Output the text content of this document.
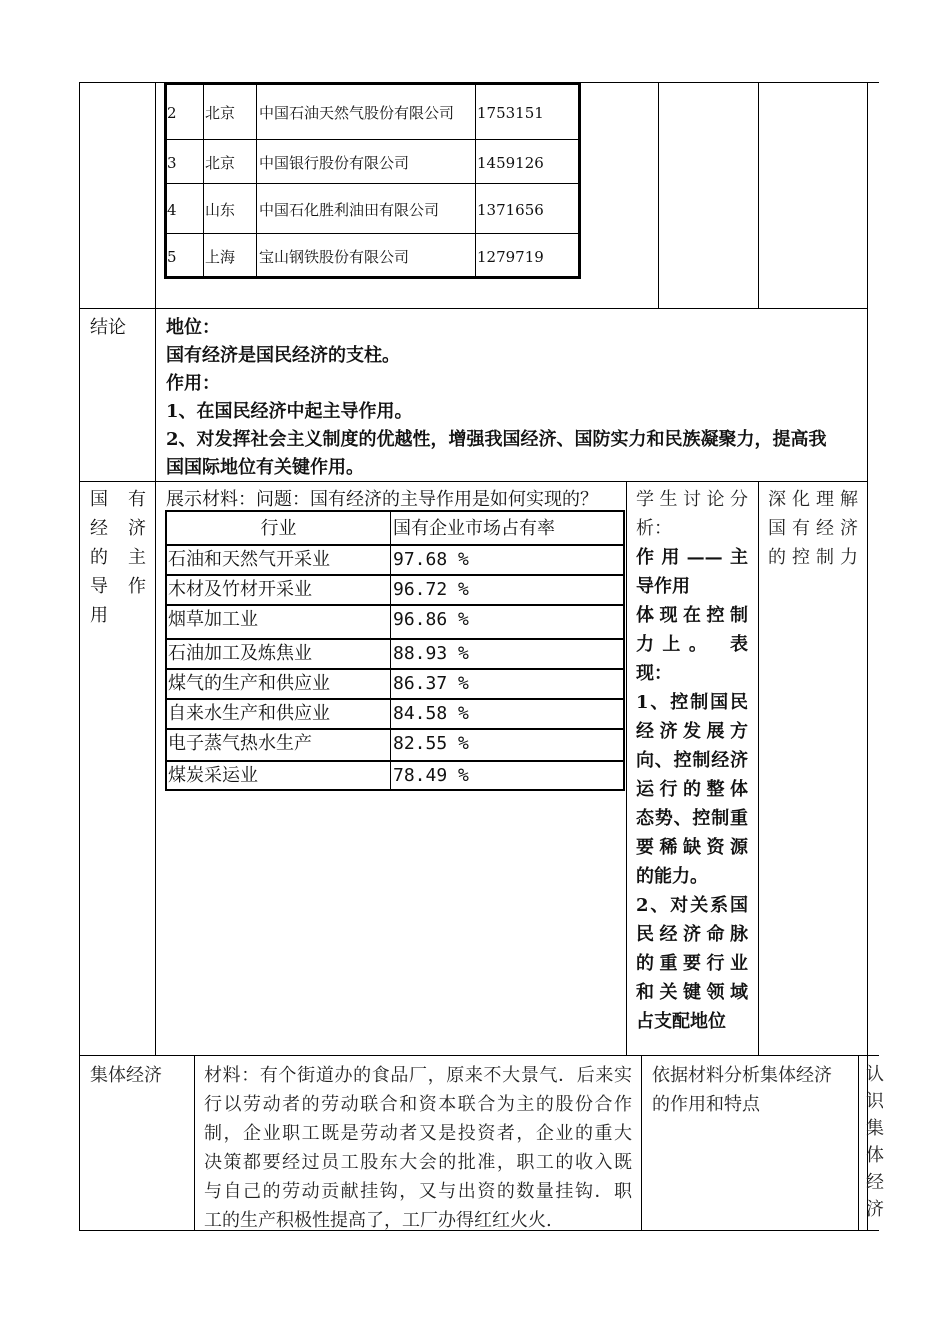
2 北京 中国石油天然气股份有限公司 1753151
3 北京 中国银行股份有限公司	1459126
4 山东 中国石化胜利油田有限公司	1371656
5 上海 宝山钢铁股份有限公司	1279719
结论 地位：
国有经济是国民经济的支柱。
作用：
1、在国民经济中起主导作用。
2、对发挥社会主义制度的优越性，增强我国经济、国防实力和民族凝聚力，提高我
国国际地位有关键作用。
国 有
经 济
的 主
导 作
用
展示材料：问题：国有经济的主导作用是如何实现的？
行业	国有企业市场占有率
石油和天然气开采业	97.68 %
木材及竹材开采业	96.72 %
烟草加工业	96.86 %
石油加工及炼焦业	88.93 %
煤气的生产和供应业	86.37 %
自来水生产和供应业	84.58 %
电子蒸气热水生产	82.55 %
煤炭采运业	78.49 %
学生讨论分
析：
作用——主
导作用
体现在控制
力上。 表
现：
1、控制国民
经济发展方
向、控制经济
运行的整体
态势、控制重
要稀缺资源
的能力。
2、对关系国
民经济命脉
的重要行业
和关键领域
占支配地位
深化理解
国有经济
的控制力
集体经济 材料：有个街道办的食品厂，原来不大景气．后来实
行以劳动者的劳动联合和资本联合为主的股份合作
制，企业职工既是劳动者又是投资者，企业的重大
决策都要经过员工股东大会的批准，职工的收入既
与自己的劳动贡献挂钩，又与出资的数量挂钩．职
工的生产积极性提高了，工厂办得红红火火.
依据材料分析集体经济
的作用和特点
认识集体经济
